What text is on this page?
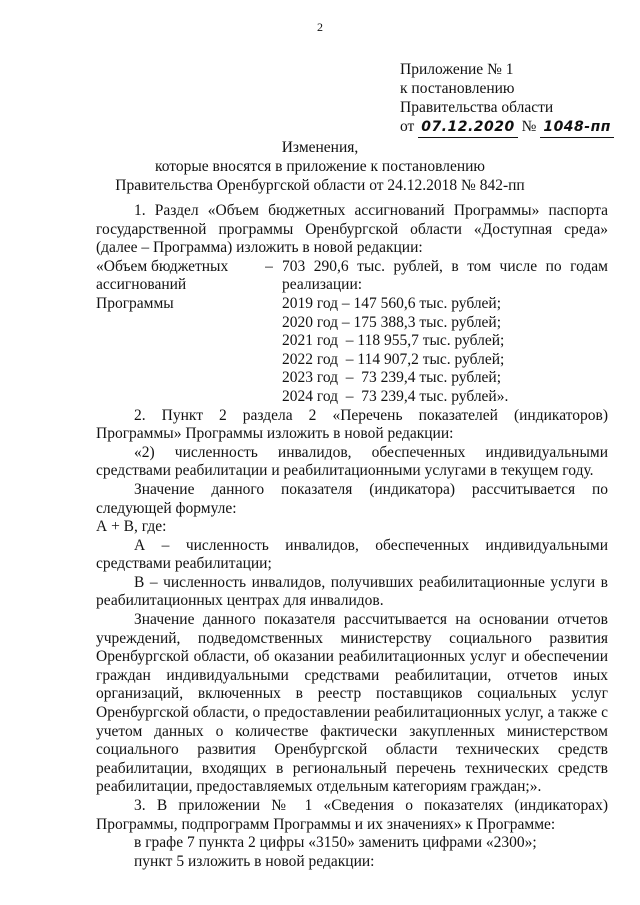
2
Приложение № 1
к постановлению
Правительства области
от 07.12.2020 № 1048-пп
Изменения,
которые вносятся в приложение к постановлению
Правительства Оренбургской области от 24.12.2018 № 842-пп

1. Раздел «Объем бюджетных ассигнований Программы» паспорта государственной программы Оренбургской области «Доступная среда» (далее – Программа) изложить в новой редакции:

«Объем бюджетных ассигнований Программы
– 703 290,6 тыс. рублей, в том числе по годам реализации:
2019 год – 147 560,6 тыс. рублей;
2020 год – 175 388,3 тыс. рублей;
2021 год  – 118 955,7 тыс. рублей;
2022 год  – 114 907,2 тыс. рублей;
2023 год  –  73 239,4 тыс. рублей;
2024 год  –  73 239,4 тыс. рублей».

2. Пункт 2 раздела 2 «Перечень показателей (индикаторов) Программы» Программы изложить в новой редакции:

«2) численность инвалидов, обеспеченных индивидуальными средствами реабилитации и реабилитационными услугами в текущем году.

Значение данного показателя (индикатора) рассчитывается по следующей формуле:

А + В, где:

А – численность инвалидов, обеспеченных индивидуальными средствами реабилитации;

В – численность инвалидов, получивших реабилитационные услуги в реабилитационных центрах для инвалидов.

Значение данного показателя рассчитывается на основании отчетов учреждений, подведомственных министерству социального развития Оренбургской области, об оказании реабилитационных услуг и обеспечении граждан индивидуальными средствами реабилитации, отчетов иных организаций, включенных в реестр поставщиков социальных услуг Оренбургской области, о предоставлении реабилитационных услуг, а также с учетом данных о количестве фактически закупленных министерством социального развития Оренбургской области технических средств реабилитации, входящих в региональный перечень технических средств реабилитации, предоставляемых отдельным категориям граждан;».

3. В приложении № 1 «Сведения о показателях (индикаторах) Программы, подпрограмм Программы и их значениях» к Программе:

в графе 7 пункта 2 цифры «3150» заменить цифрами «2300»;

пункт 5 изложить в новой редакции:
